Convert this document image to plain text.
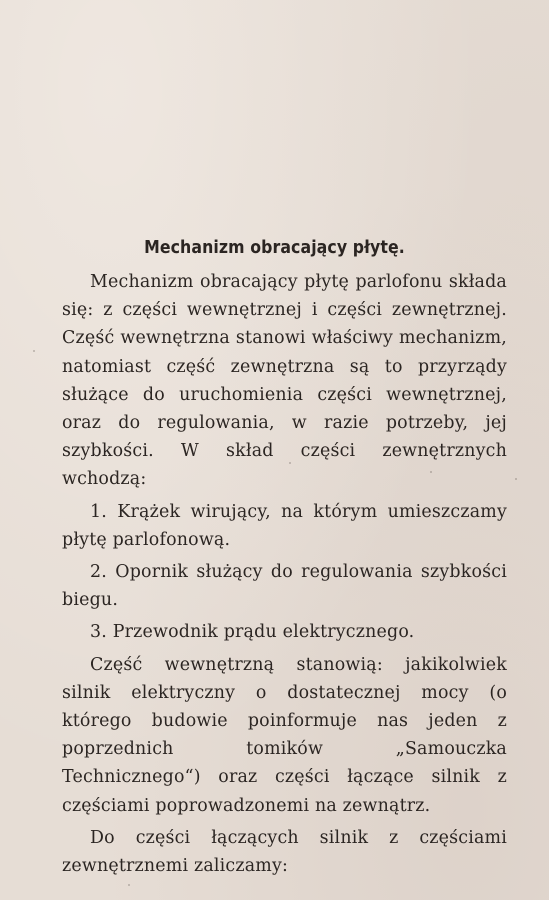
Mechanizm obracający płytę.

Mechanizm obracający płytę parlofonu składa się: z części wewnętrznej i części zewnętrznej. Część wewnętrzna stanowi właściwy mechanizm, natomiast część zewnętrzna są to przyrządy służące do uruchomienia części wewnętrznej, oraz do regulowania, w razie potrzeby, jej szybkości. W skład części zewnętrznych wchodzą:

1. Krążek wirujący, na którym umieszczamy płytę parlofonową.

2. Opornik służący do regulowania szybkości biegu.

3. Przewodnik prądu elektrycznego.

Część wewnętrzną stanowią: jakikolwiek silnik elektryczny o dostatecznej mocy (o którego budowie poinformuje nas jeden z poprzednich tomików „Samouczka Technicznego“) oraz części łączące silnik z częściami poprowadzonemi na zewnątrz.

Do części łączących silnik z częściami zewnętrznemi zaliczamy:
